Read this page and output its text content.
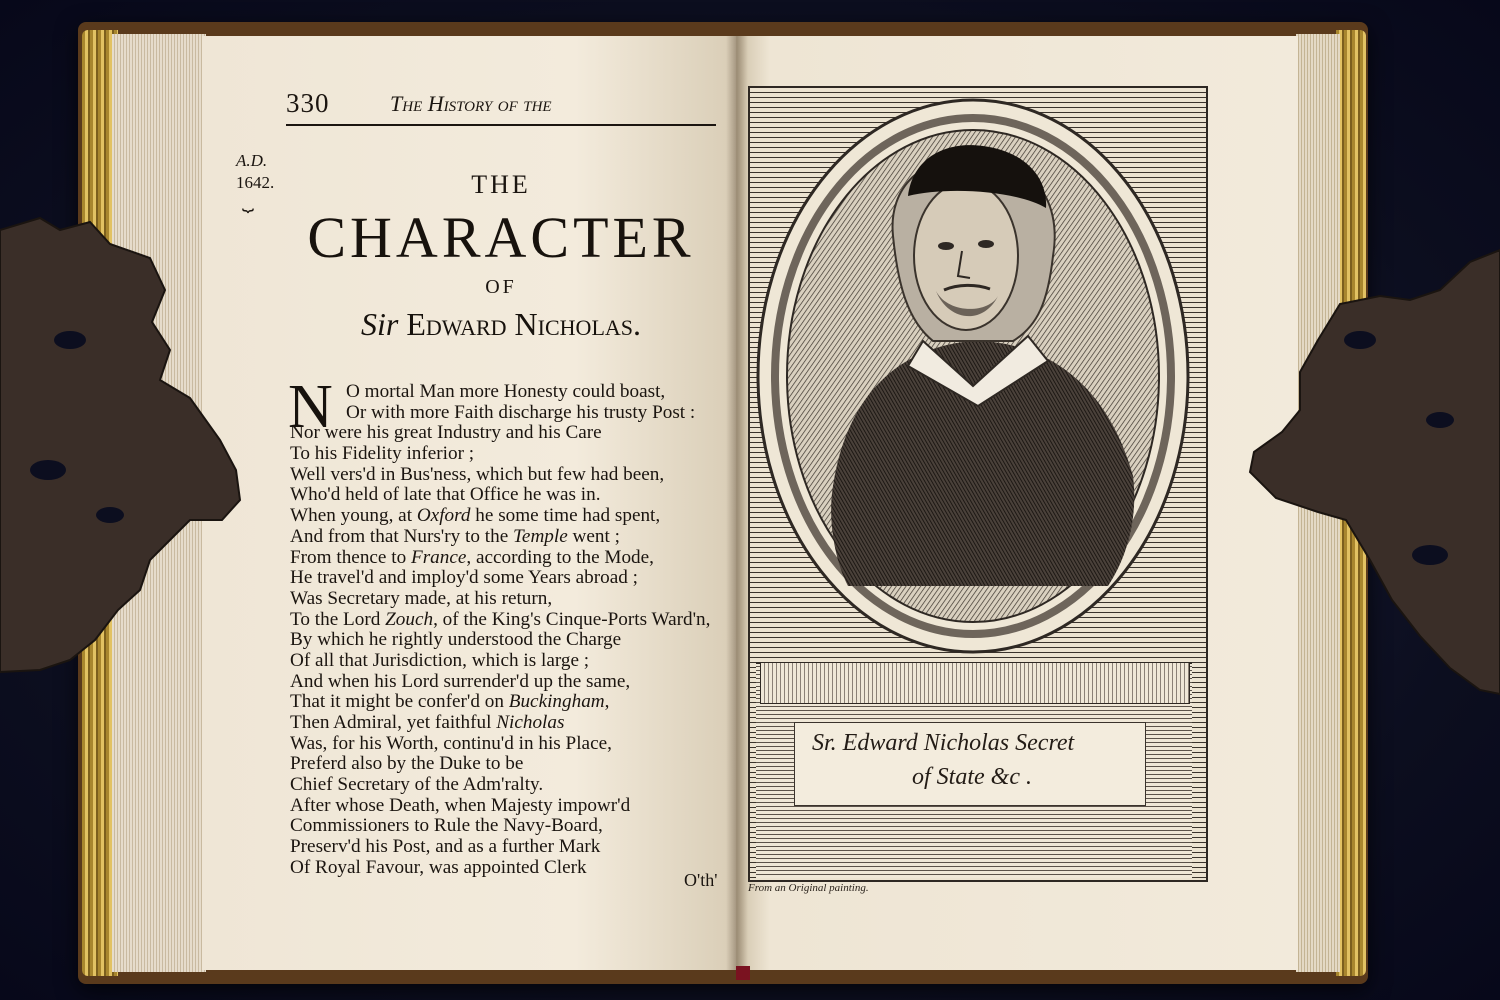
330	The History of the
A.D.
1642.
⏟
THE
CHARACTER
OF
Sir Edward Nicholas.
N O mortal Man more Honesty could boast,
Or with more Faith discharge his trusty Post :
Nor were his great Industry and his Care
To his Fidelity inferior ;
Well vers'd in Bus'ness, which but few had been,
Who'd held of late that Office he was in.
When young, at Oxford he some time had spent,
And from that Nurs'ry to the Temple went ;
From thence to France, according to the Mode,
He travel'd and imploy'd some Years abroad ;
Was Secretary made, at his return,
To the Lord Zouch, of the King's Cinque-Ports Ward'n,
By which he rightly understood the Charge
Of all that Jurisdiction, which is large ;
And when his Lord surrender'd up the same,
That it might be confer'd on Buckingham,
Then Admiral, yet faithful Nicholas
Was, for his Worth, continu'd in his Place,
Preferd also by the Duke to be
Chief Secretary of the Adm'ralty.
After whose Death, when Majesty impowr'd
Commissioners to Rule the Navy-Board,
Preserv'd his Post, and as a further Mark
Of Royal Favour, was appointed Clerk
O'th'
Sr. Edward Nicholas Secret
of State &c .
From an Original painting.
